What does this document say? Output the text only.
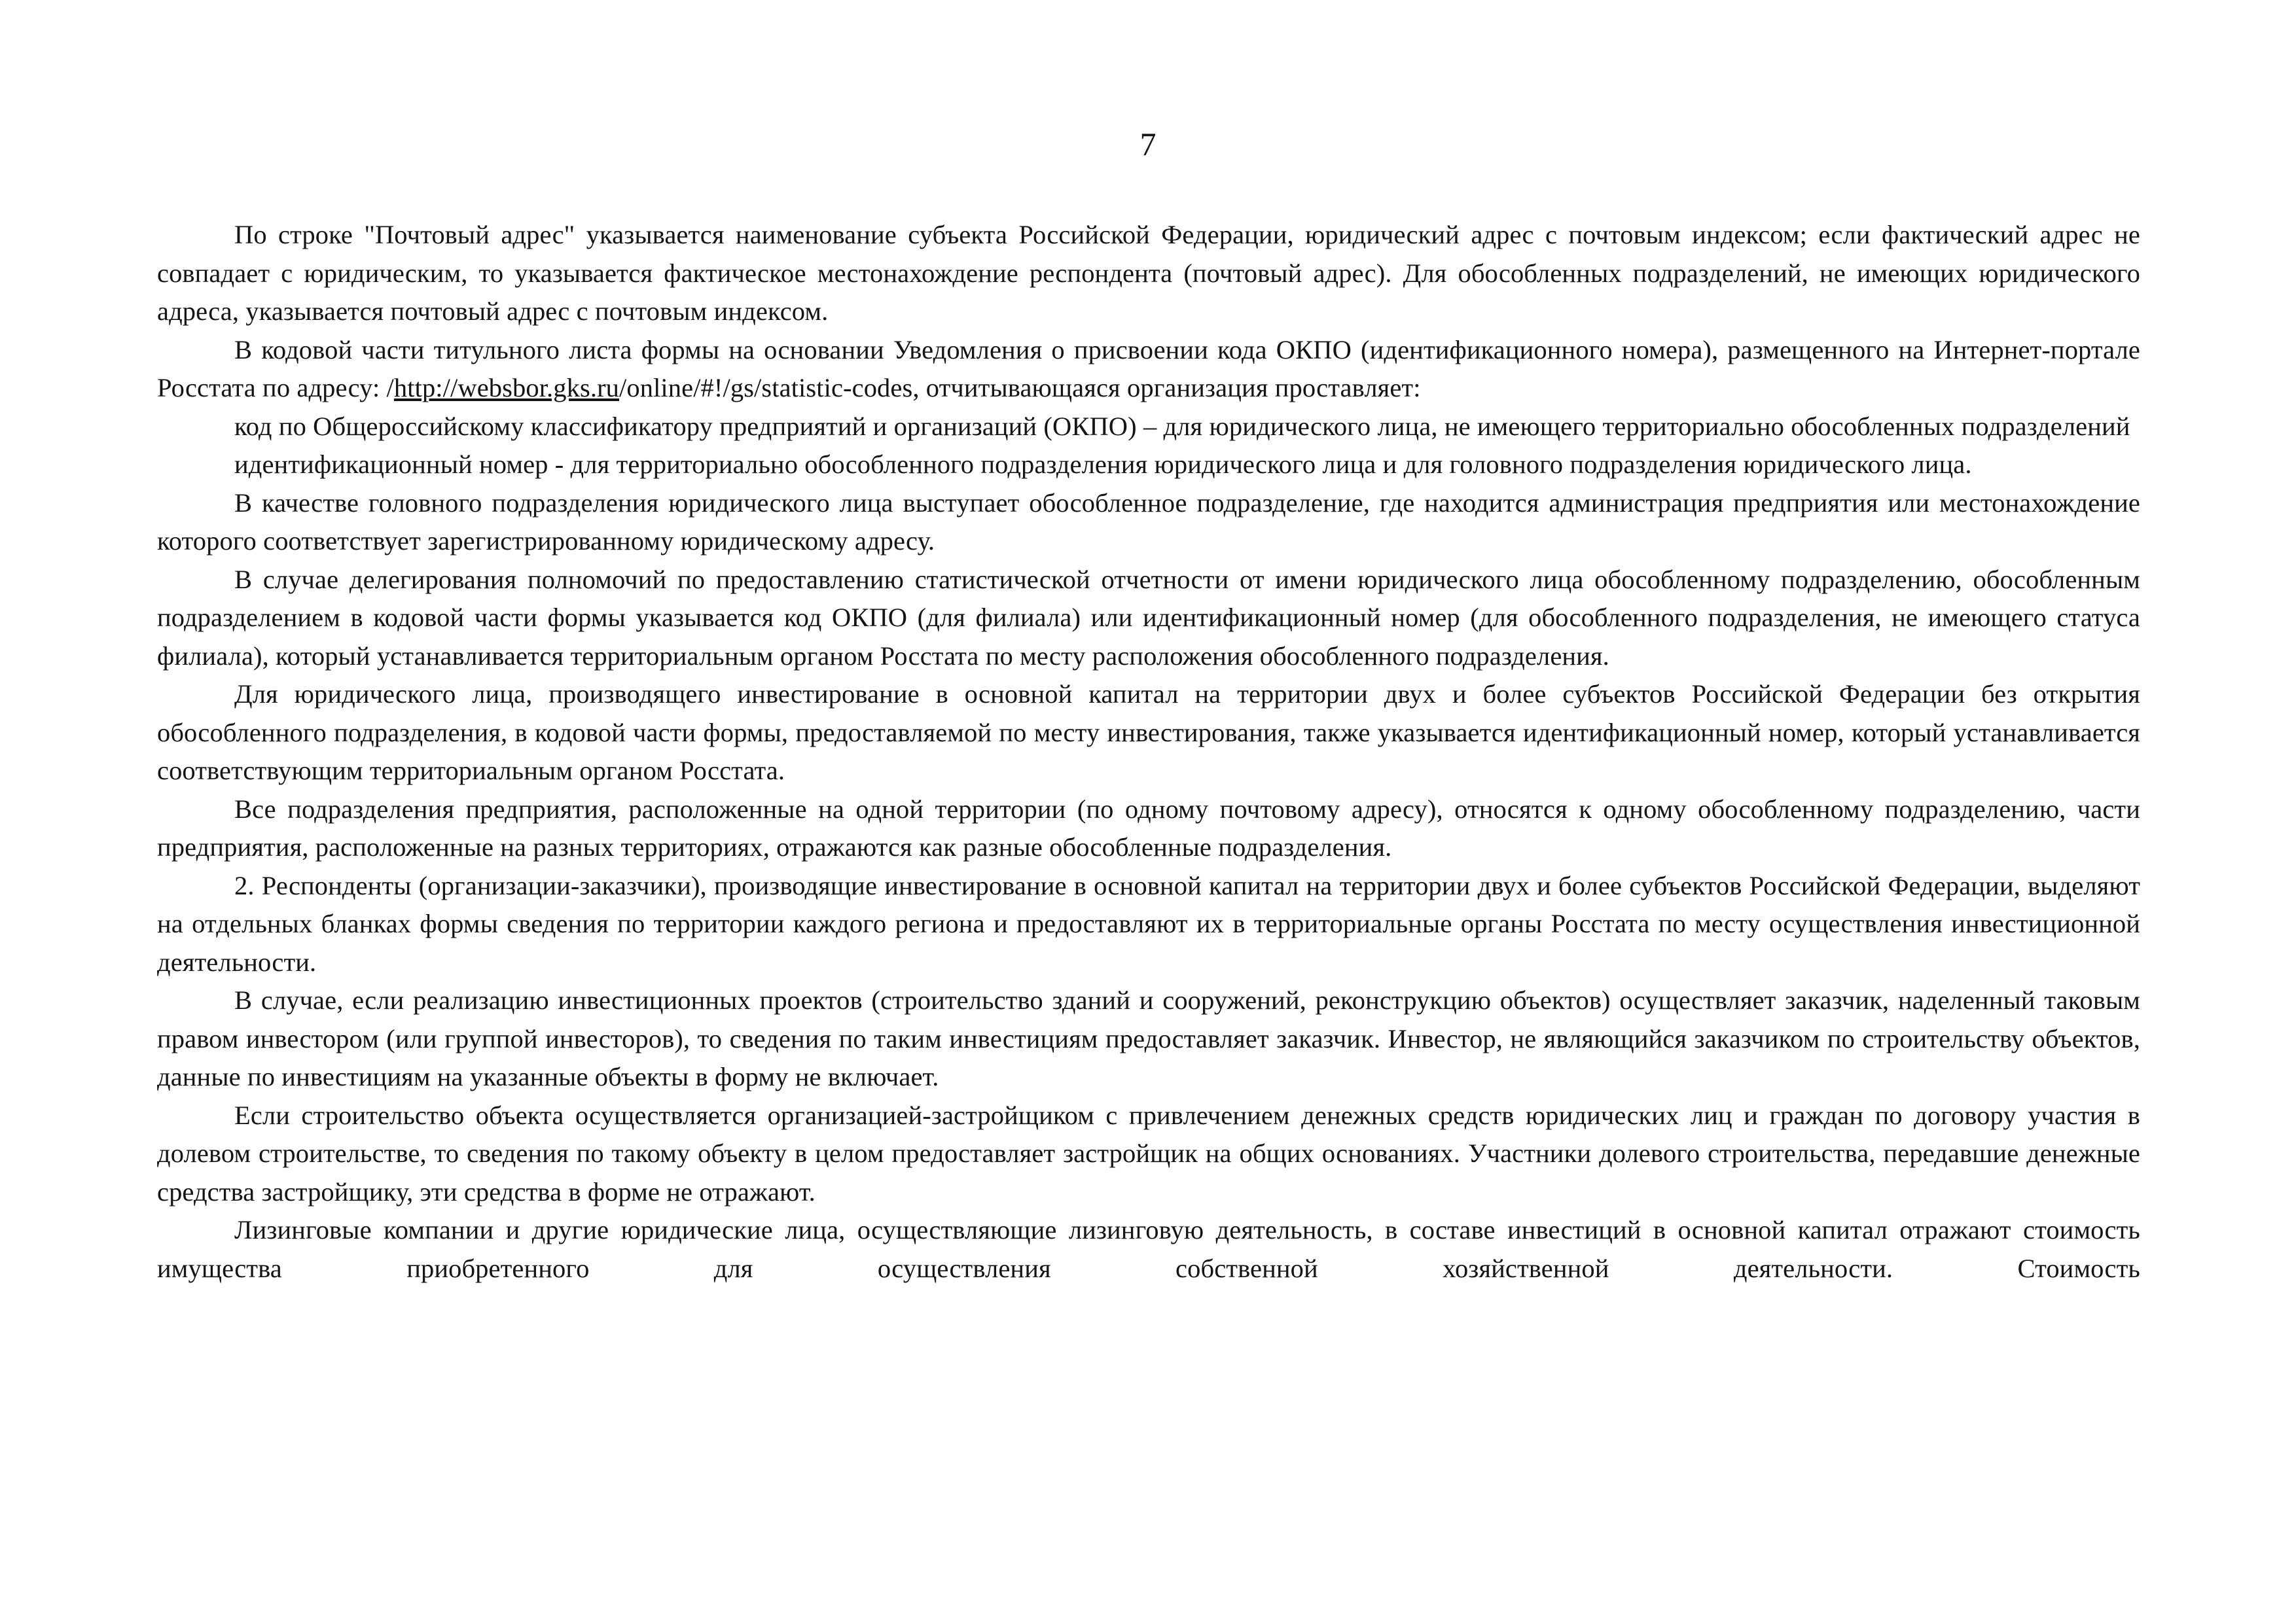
7

По строке "Почтовый адрес" указывается наименование субъекта Российской Федерации, юридический адрес с почтовым индексом; если фактический адрес не совпадает с юридическим, то указывается фактическое местонахождение респондента (почтовый адрес). Для обособленных подразделений, не имеющих юридического адреса, указывается почтовый адрес с почтовым индексом.

В кодовой части титульного листа формы на основании Уведомления о присвоении кода ОКПО (идентификационного номера), размещенного на Интернет-портале Росстата по адресу: /http://websbor.gks.ru/online/#!/gs/statistic-codes, отчитывающаяся организация проставляет:

код по Общероссийскому классификатору предприятий и организаций (ОКПО) – для юридического лица, не имеющего территориально обособленных подразделений

идентификационный номер - для территориально обособленного подразделения юридического лица и для головного подразделения юридического лица.

В качестве головного подразделения юридического лица выступает обособленное подразделение, где находится администрация предприятия или местонахождение которого соответствует зарегистрированному юридическому адресу.

В случае делегирования полномочий по предоставлению статистической отчетности от имени юридического лица обособленному подразделению, обособленным подразделением в кодовой части формы указывается код ОКПО (для филиала) или идентификационный номер (для обособленного подразделения, не имеющего статуса филиала), который устанавливается территориальным органом Росстата по месту расположения обособленного подразделения.

Для юридического лица, производящего инвестирование в основной капитал на территории двух и более субъектов Российской Федерации без открытия обособленного подразделения, в кодовой части формы, предоставляемой по месту инвестирования, также указывается идентификационный номер, который устанавливается соответствующим территориальным органом Росстата.

Все подразделения предприятия, расположенные на одной территории (по одному почтовому адресу), относятся к одному обособленному подразделению, части предприятия, расположенные на разных территориях, отражаются как разные обособленные подразделения.

2. Респонденты (организации-заказчики), производящие инвестирование в основной капитал на территории двух и более субъектов Российской Федерации, выделяют на отдельных бланках формы сведения по территории каждого региона и предоставляют их в территориальные органы Росстата по месту осуществления инвестиционной деятельности.

В случае, если реализацию инвестиционных проектов (строительство зданий и сооружений, реконструкцию объектов) осуществляет заказчик, наделенный таковым правом инвестором (или группой инвесторов), то сведения по таким инвестициям предоставляет заказчик. Инвестор, не являющийся заказчиком по строительству объектов, данные по инвестициям на указанные объекты в форму не включает.

Если строительство объекта осуществляется организацией-застройщиком с привлечением денежных средств юридических лиц и граждан по договору участия в долевом строительстве, то сведения по такому объекту в целом предоставляет застройщик на общих основаниях. Участники долевого строительства, передавшие денежные средства застройщику, эти средства в форме не отражают.

Лизинговые компании и другие юридические лица, осуществляющие лизинговую деятельность, в составе инвестиций в основной капитал отражают стоимость имущества приобретенного для осуществления собственной хозяйственной деятельности. Стоимость
